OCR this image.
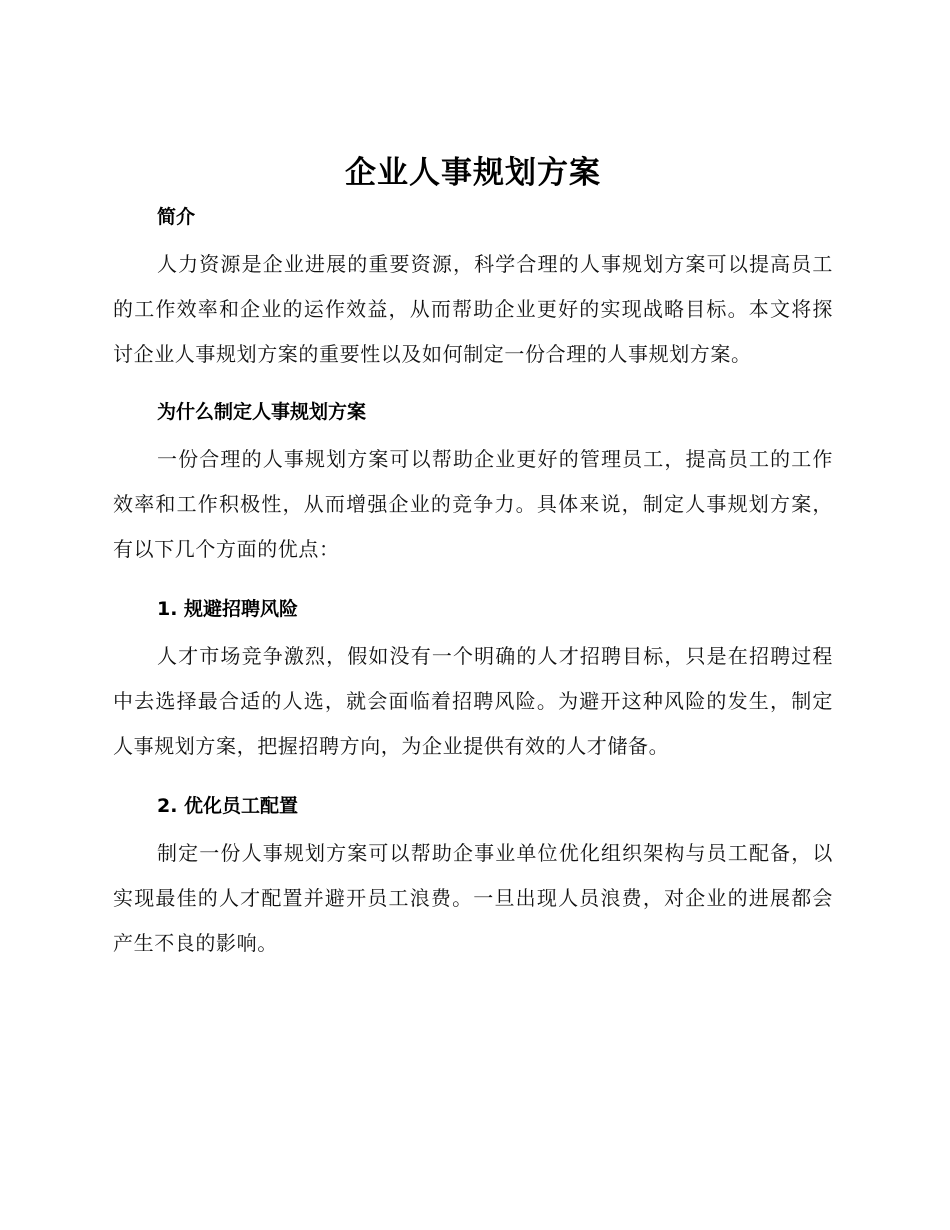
企业人事规划方案
简介

人力资源是企业进展的重要资源，科学合理的人事规划方案可以提高员工的工作效率和企业的运作效益，从而帮助企业更好的实现战略目标。本文将探讨企业人事规划方案的重要性以及如何制定一份合理的人事规划方案。

为什么制定人事规划方案

一份合理的人事规划方案可以帮助企业更好的管理员工，提高员工的工作效率和工作积极性，从而增强企业的竞争力。具体来说，制定人事规划方案，有以下几个方面的优点：

1. 规避招聘风险

人才市场竞争激烈，假如没有一个明确的人才招聘目标，只是在招聘过程中去选择最合适的人选，就会面临着招聘风险。为避开这种风险的发生，制定人事规划方案，把握招聘方向，为企业提供有效的人才储备。

2. 优化员工配置

制定一份人事规划方案可以帮助企事业单位优化组织架构与员工配备，以实现最佳的人才配置并避开员工浪费。一旦出现人员浪费，对企业的进展都会产生不良的影响。
